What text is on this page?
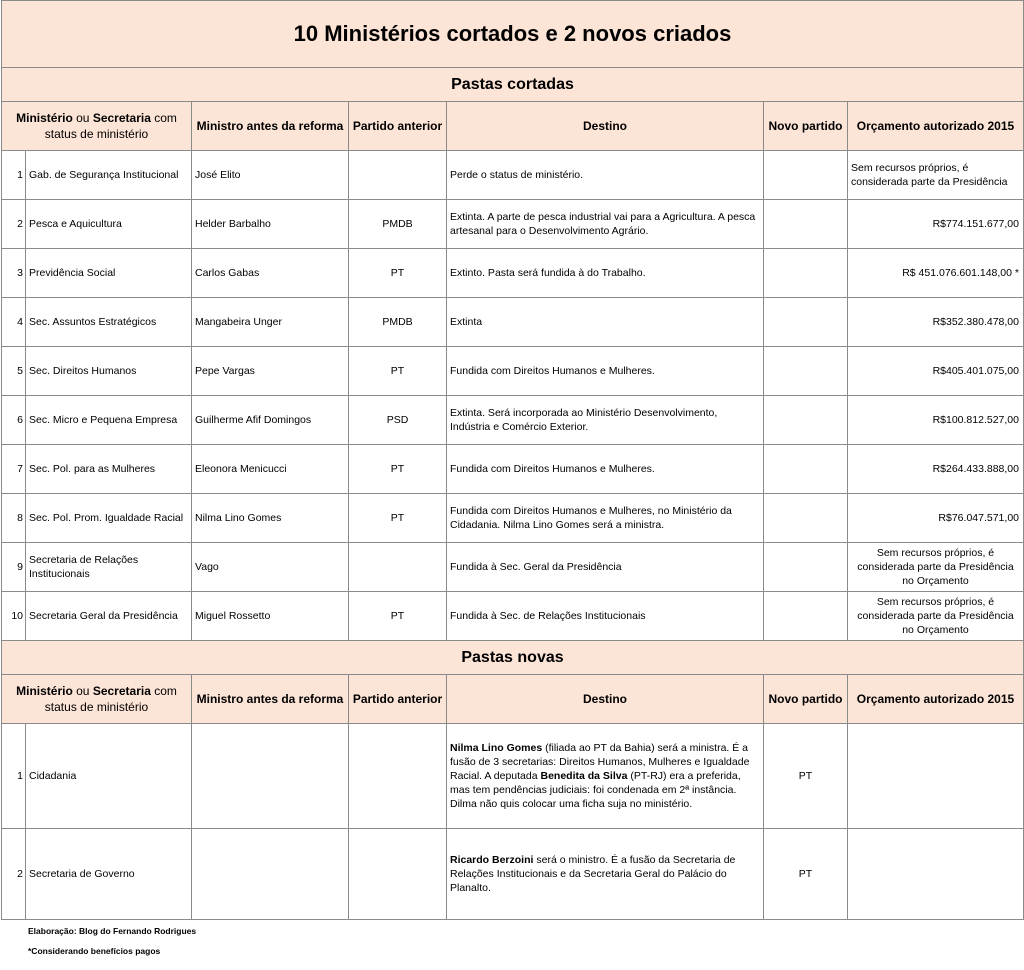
10 Ministérios cortados e 2 novos criados						
Pastas cortadas						
Ministério ou Secretaria com status de ministério		Ministro antes da reforma	Partido anterior	Destino	Novo partido	Orçamento autorizado 2015
1	Gab. de Segurança Institucional	José Elito		Perde o status de ministério.		Sem recursos próprios, é considerada parte da Presidência
2	Pesca e Aquicultura	Helder Barbalho	PMDB	Extinta. A parte de pesca industrial vai para a Agricultura. A pesca artesanal para o Desenvolvimento Agrário.		R$774.151.677,00
3	Previdência Social	Carlos Gabas	PT	Extinto. Pasta será fundida à do Trabalho.		R$ 451.076.601.148,00 *
4	Sec. Assuntos Estratégicos	Mangabeira Unger	PMDB	Extinta		R$352.380.478,00
5	Sec. Direitos Humanos	Pepe Vargas	PT	Fundida com Direitos Humanos e Mulheres.		R$405.401.075,00
6	Sec. Micro e Pequena Empresa	Guilherme Afif Domingos	PSD	Extinta. Será incorporada ao Ministério Desenvolvimento, Indústria e Comércio Exterior.		R$100.812.527,00
7	Sec. Pol. para as Mulheres	Eleonora Menicucci	PT	Fundida com Direitos Humanos e Mulheres.		R$264.433.888,00
8	Sec. Pol. Prom. Igualdade Racial	Nilma Lino Gomes	PT	Fundida com Direitos Humanos e Mulheres, no Ministério da Cidadania. Nilma Lino Gomes será a ministra.		R$76.047.571,00
9	Secretaria de Relações Institucionais	Vago		Fundida à Sec. Geral da Presidência		Sem recursos próprios, é considerada parte da Presidência no Orçamento
10	Secretaria Geral da Presidência	Miguel Rossetto	PT	Fundida à Sec. de Relações Institucionais		Sem recursos próprios, é considerada parte da Presidência no Orçamento
Pastas novas						
Ministério ou Secretaria com status de ministério		Ministro antes da reforma	Partido anterior	Destino	Novo partido	Orçamento autorizado 2015
1	Cidadania			Nilma Lino Gomes (filiada ao PT da Bahia) será a ministra. É a fusão de 3 secretarias: Direitos Humanos, Mulheres e Igualdade Racial. A deputada Benedita da Silva (PT-RJ) era a preferida, mas tem pendências judiciais: foi condenada em 2ª instância. Dilma não quis colocar uma ficha suja no ministério.	PT	
2	Secretaria de Governo			Ricardo Berzoini será o ministro. É a fusão da Secretaria de Relações Institucionais e da Secretaria Geral do Palácio do Planalto.	PT	
Elaboração: Blog do Fernando Rodrigues
*Considerando benefícios pagos
